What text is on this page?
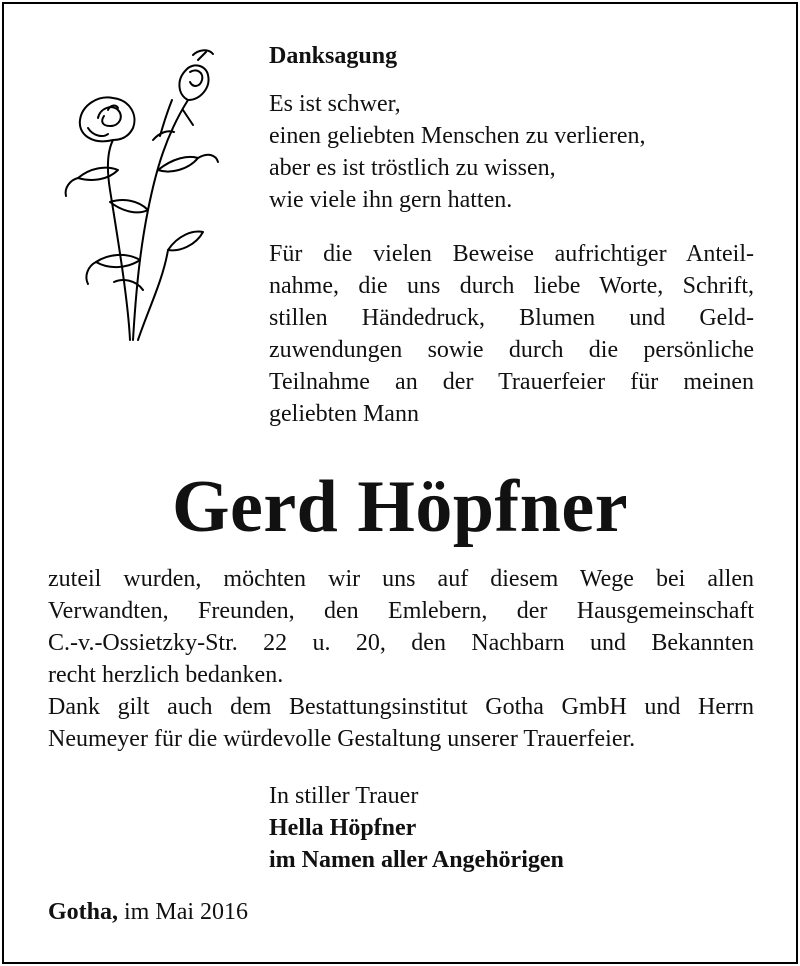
Danksagung
Es ist schwer,
einen geliebten Menschen zu verlieren,
aber es ist tröstlich zu wissen,
wie viele ihn gern hatten.
Für die vielen Beweise aufrichtiger Anteil-
nahme, die uns durch liebe Worte, Schrift,
stillen Händedruck, Blumen und Geld-
zuwendungen sowie durch die persönliche
Teilnahme an der Trauerfeier für meinen
geliebten Mann
Gerd Höpfner
zuteil wurden, möchten wir uns auf diesem Wege bei allen
Verwandten, Freunden, den Emlebern, der Hausgemeinschaft
C.-v.-Ossietzky-Str. 22 u. 20, den Nachbarn und Bekannten
recht herzlich bedanken.
Dank gilt auch dem Bestattungsinstitut Gotha GmbH und Herrn
Neumeyer für die würdevolle Gestaltung unserer Trauerfeier.
In stiller Trauer
Hella Höpfner
im Namen aller Angehörigen
Gotha, im Mai 2016
